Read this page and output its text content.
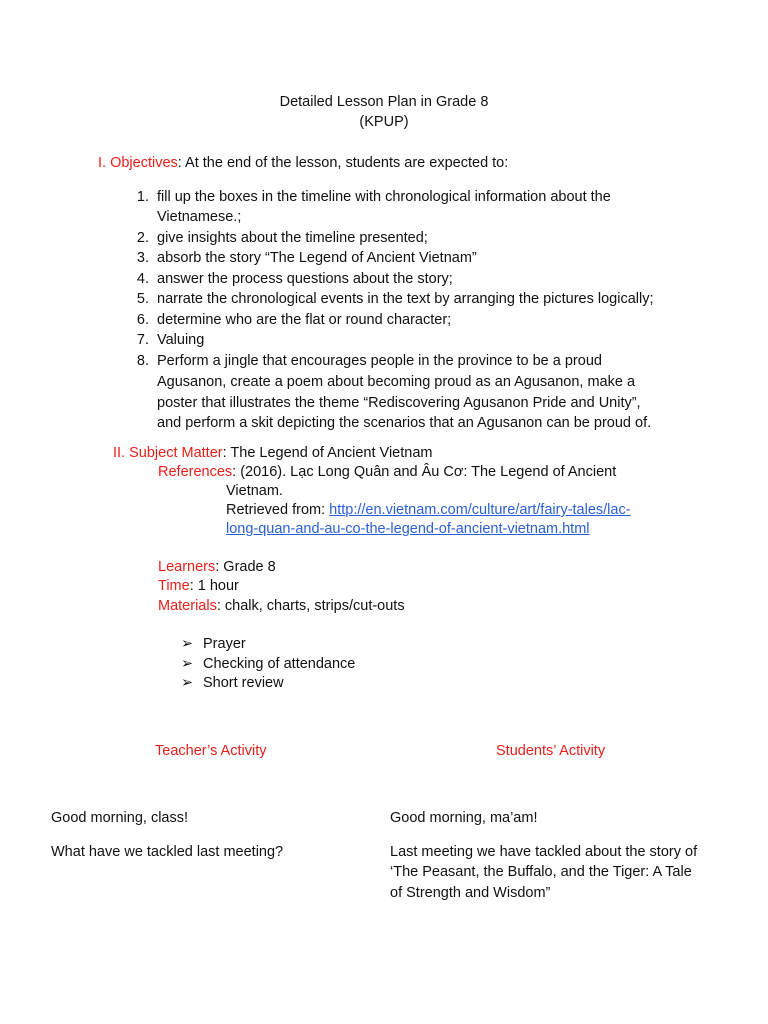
Detailed Lesson Plan in Grade 8
(KPUP)
I. Objectives: At the end of the lesson, students are expected to:
1. fill up the boxes in the timeline with chronological information about the
Vietnamese.;
2. give insights about the timeline presented;
3. absorb the story “The Legend of Ancient Vietnam”
4. answer the process questions about the story;
5. narrate the chronological events in the text by arranging the pictures logically;
6. determine who are the flat or round character;
7. Valuing
8. Perform a jingle that encourages people in the province to be a proud
Agusanon, create a poem about becoming proud as an Agusanon, make a
poster that illustrates the theme “Rediscovering Agusanon Pride and Unity”,
and perform a skit depicting the scenarios that an Agusanon can be proud of.
II. Subject Matter: The Legend of Ancient Vietnam
References: (2016). Lạc Long Quân and Âu Cơ: The Legend of Ancient
Vietnam.
Retrieved from: http://en.vietnam.com/culture/art/fairy-tales/lac-
long-quan-and-au-co-the-legend-of-ancient-vietnam.html
Learners: Grade 8
Time: 1 hour
Materials: chalk, charts, strips/cut-outs
➢ Prayer
➢ Checking of attendance
➢ Short review
Teacher’s Activity	Students’ Activity
Good morning, class!	Good morning, ma’am!
What have we tackled last meeting?	Last meeting we have tackled about the story of
‘The Peasant, the Buffalo, and the Tiger: A Tale
of Strength and Wisdom”
